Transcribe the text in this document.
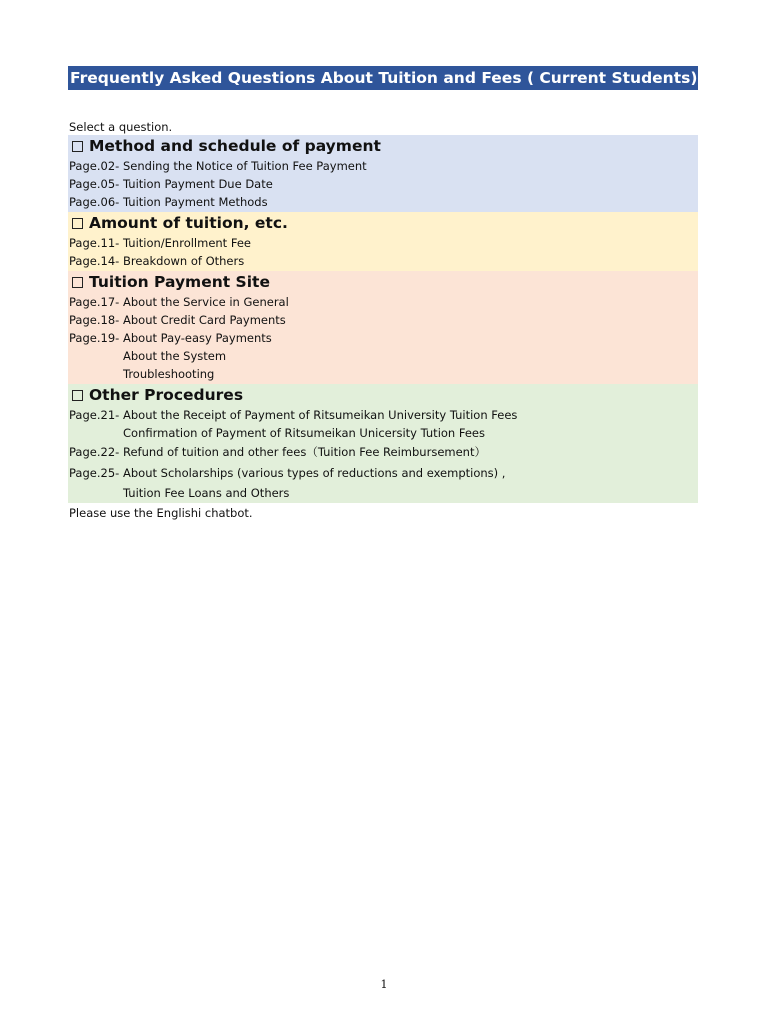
Frequently Asked Questions About Tuition and Fees ( Current Students)
Select a question.
Method and schedule of payment
Page.02- Sending the Notice of Tuition Fee Payment
Page.05- Tuition Payment Due Date
Page.06- Tuition Payment Methods
Amount of tuition, etc.
Page.11- Tuition/Enrollment Fee
Page.14- Breakdown of Others
Tuition Payment Site
Page.17- About the Service in General
Page.18- About Credit Card Payments
Page.19- About Pay-easy Payments
About the System
Troubleshooting
Other Procedures
Page.21- About the Receipt of Payment of Ritsumeikan University Tuition Fees
Confirmation of Payment of Ritsumeikan Unicersity Tution Fees
Page.22- Refund of tuition and other fees（Tuition Fee Reimbursement）
Page.25- About Scholarships (various types of reductions and exemptions) ,
Tuition Fee Loans and Others
Please use the Englishi chatbot.
1
